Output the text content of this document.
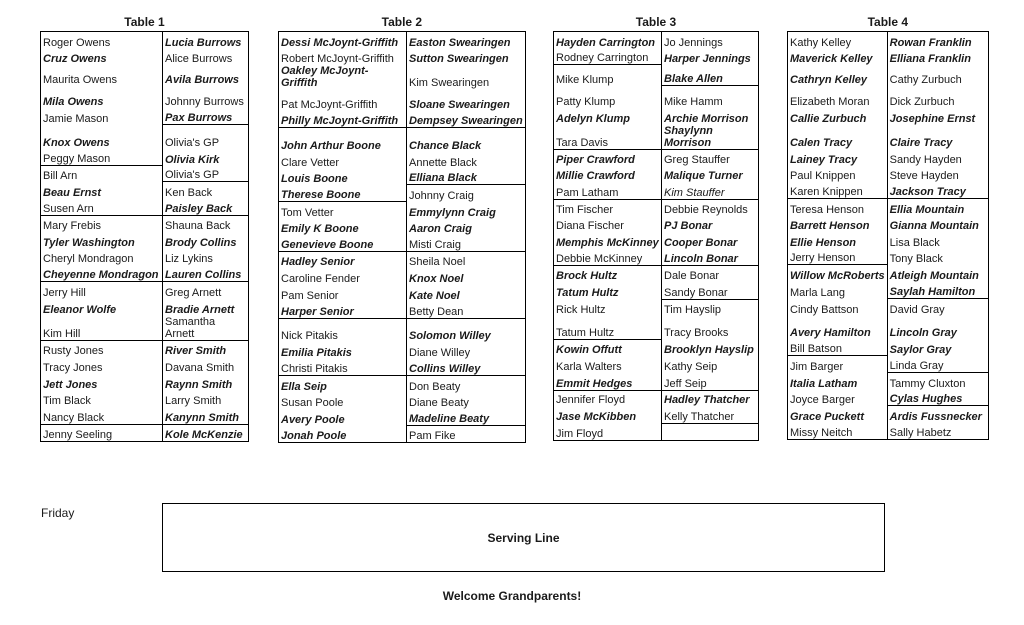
Table 1
Roger Owens	Lucia Burrows
Cruz Owens	Alice Burrows
Maurita Owens	Avila Burrows
Mila Owens	Johnny Burrows
Jamie Mason	Pax Burrows
Knox Owens	Olivia's GP
Peggy Mason	Olivia Kirk
Bill Arn	Olivia's GP
Beau Ernst	Ken Back
Susen Arn	Paisley Back
Mary Frebis	Shauna Back
Tyler Washington	Brody Collins
Cheryl Mondragon	Liz Lykins
Cheyenne Mondragon	Lauren Collins
Jerry Hill	Greg Arnett
Eleanor Wolfe	Bradie Arnett
Kim Hill	Samantha Arnett
Rusty Jones	River Smith
Tracy Jones	Davana Smith
Jett Jones	Raynn Smith
Tim Black	Larry Smith
Nancy Black	Kanynn Smith
Jenny Seeling	Kole McKenzie
Table 2
Dessi McJoynt-Griffith	Easton Swearingen
Robert McJoynt-Griffith	Sutton Swearingen
Oakley McJoynt-Griffith	Kim Swearingen
Pat McJoynt-Griffith	Sloane Swearingen
Philly McJoynt-Griffith	Dempsey Swearingen
John Arthur Boone	Chance Black
Clare Vetter	Annette Black
Louis Boone	Elliana Black
Therese Boone	Johnny Craig
Tom Vetter	Emmylynn Craig
Emily K Boone	Aaron Craig
Genevieve Boone	Misti Craig
Hadley Senior	Sheila Noel
Caroline Fender	Knox Noel
Pam Senior	Kate Noel
Harper Senior	Betty Dean
Nick Pitakis	Solomon Willey
Emilia Pitakis	Diane Willey
Christi Pitakis	Collins Willey
Ella Seip	Don Beaty
Susan Poole	Diane Beaty
Avery Poole	Madeline Beaty
Jonah Poole	Pam Fike
Table 3
Hayden Carrington	Jo Jennings
Rodney Carrington	Harper Jennings
Mike Klump	Blake Allen
Patty Klump	Mike Hamm
Adelyn Klump	Archie Morrison
Tara Davis	Shaylynn Morrison
Piper Crawford	Greg Stauffer
Millie Crawford	Malique Turner
Pam Latham	Kim Stauffer
Tim Fischer	Debbie Reynolds
Diana Fischer	PJ Bonar
Memphis McKinney	Cooper Bonar
Debbie McKinney	Lincoln Bonar
Brock Hultz	Dale Bonar
Tatum Hultz	Sandy Bonar
Rick Hultz	Tim Hayslip
Tatum Hultz	Tracy Brooks
Kowin Offutt	Brooklyn Hayslip
Karla Walters	Kathy Seip
Emmit Hedges	Jeff Seip
Jennifer Floyd	Hadley Thatcher
Jase McKibben	Kelly Thatcher
Jim Floyd	
Table 4
Kathy Kelley	Rowan Franklin
Maverick Kelley	Elliana Franklin
Cathryn Kelley	Cathy Zurbuch
Elizabeth Moran	Dick Zurbuch
Callie Zurbuch	Josephine Ernst
Calen Tracy	Claire Tracy
Lainey Tracy	Sandy Hayden
Paul Knippen	Steve Hayden
Karen Knippen	Jackson Tracy
Teresa Henson	Ellia Mountain
Barrett Henson	Gianna Mountain
Ellie Henson	Lisa Black
Jerry Henson	Tony Black
Willow McRoberts	Atleigh Mountain
Marla Lang	Saylah Hamilton
Cindy Battson	David Gray
Avery Hamilton	Lincoln Gray
Bill Batson	Saylor Gray
Jim Barger	Linda Gray
Italia Latham	Tammy Cluxton
Joyce Barger	Cylas Hughes
Grace Puckett	Ardis Fussnecker
Missy Neitch	Sally Habetz
Friday
Serving Line
Welcome Grandparents!
